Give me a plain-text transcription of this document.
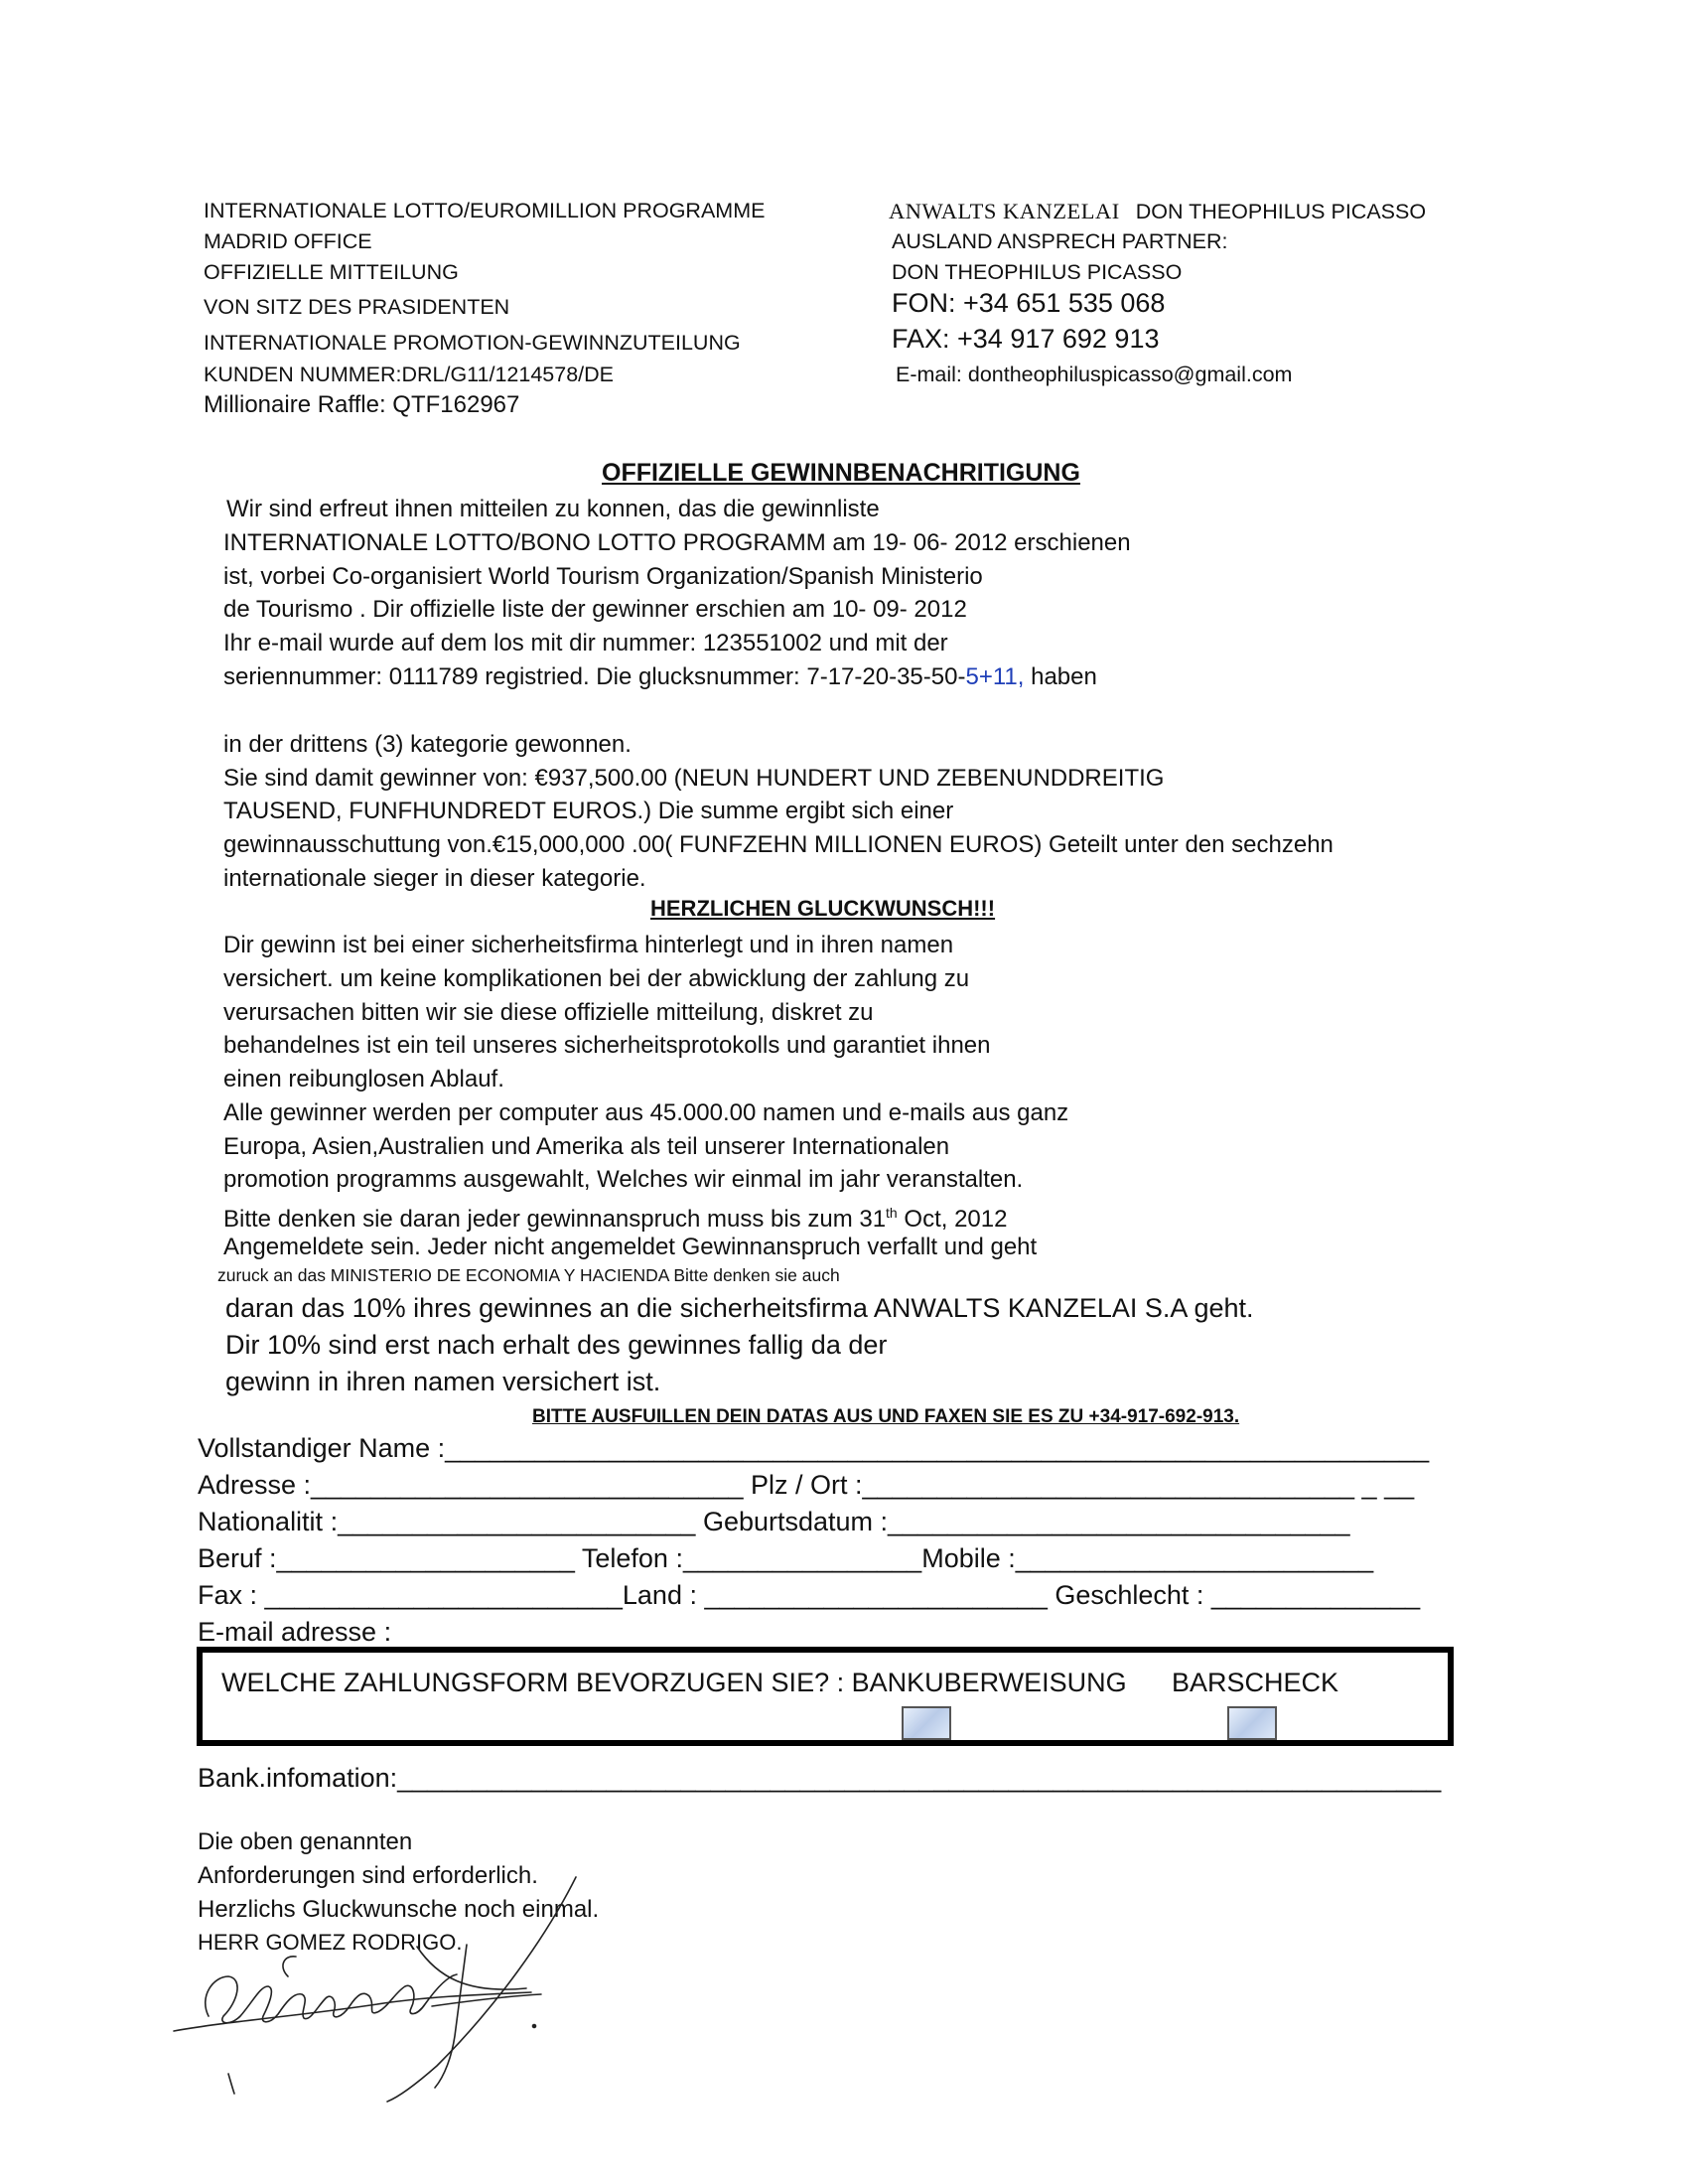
INTERNATIONALE LOTTO/EUROMILLION PROGRAMME
MADRID OFFICE
OFFIZIELLE MITTEILUNG
VON SITZ DES PRASIDENTEN
INTERNATIONALE PROMOTION-GEWINNZUTEILUNG
KUNDEN NUMMER:DRL/G11/1214578/DE
Millionaire Raffle: QTF162967
ANWALTS KANZELAI DON THEOPHILUS PICASSO
AUSLAND ANSPRECH PARTNER:
DON THEOPHILUS PICASSO
FON: +34 651 535 068
FAX: +34 917 692 913
E-mail: dontheophiluspicasso@gmail.com
OFFIZIELLE GEWINNBENACHRITIGUNG
Wir sind erfreut ihnen mitteilen zu konnen, das die gewinnliste
INTERNATIONALE LOTTO/BONO LOTTO PROGRAMM am 19- 06- 2012 erschienen
ist, vorbei Co-organisiert World Tourism Organization/Spanish Ministerio
de Tourismo . Dir offizielle liste der gewinner erschien am 10- 09- 2012
Ihr e-mail wurde auf dem los mit dir nummer: 123551002 und mit der
seriennummer: 0111789 registried. Die glucksnummer: 7-17-20-35-50-5+11, haben
in der drittens (3) kategorie gewonnen.
Sie sind damit gewinner von: €937,500.00 (NEUN HUNDERT UND ZEBENUNDDREITIG
TAUSEND, FUNFHUNDREDT EUROS.) Die summe ergibt sich einer
gewinnausschuttung von.€15,000,000 .00( FUNFZEHN MILLIONEN EUROS) Geteilt unter den sechzehn
internationale sieger in dieser kategorie.
HERZLICHEN GLUCKWUNSCH!!!
Dir gewinn ist bei einer sicherheitsfirma hinterlegt und in ihren namen
versichert. um keine komplikationen bei der abwicklung der zahlung zu
verursachen bitten wir sie diese offizielle mitteilung, diskret zu
behandelnes ist ein teil unseres sicherheitsprotokolls und garantiet ihnen
einen reibunglosen Ablauf.
Alle gewinner werden per computer aus 45.000.00 namen und e-mails aus ganz
Europa, Asien,Australien und Amerika als teil unserer Internationalen
promotion programms ausgewahlt, Welches wir einmal im jahr veranstalten.
Bitte denken sie daran jeder gewinnanspruch muss bis zum 31th Oct, 2012
Angemeldete sein. Jeder nicht angemeldet Gewinnanspruch verfallt und geht
zuruck an das MINISTERIO DE ECONOMIA Y HACIENDA Bitte denken sie auch
daran das 10% ihres gewinnes an die sicherheitsfirma ANWALTS KANZELAI S.A geht.
Dir 10% sind erst nach erhalt des gewinnes fallig da der
gewinn in ihren namen versichert ist.
BITTE AUSFUILLEN DEIN DATAS AUS UND FAXEN SIE ES ZU +34-917-692-913.
Vollstandiger Name :__________________________________________________________________
Adresse :_____________________________ Plz / Ort :_________________________________ _ __
Nationalitit :________________________ Geburtsdatum :_______________________________
Beruf :____________________ Telefon :________________Mobile :________________________
Fax : ________________________Land : _______________________ Geschlecht : ______________
E-mail adresse :
WELCHE ZAHLUNGSFORM BEVORZUGEN SIE? : BANKUBERWEISUNG BARSCHECK
Bank.infomation:______________________________________________________________________
Die oben genannten
Anforderungen sind erforderlich.
Herzlichs Gluckwunsche noch einmal.
HERR GOMEZ RODRIGO.
